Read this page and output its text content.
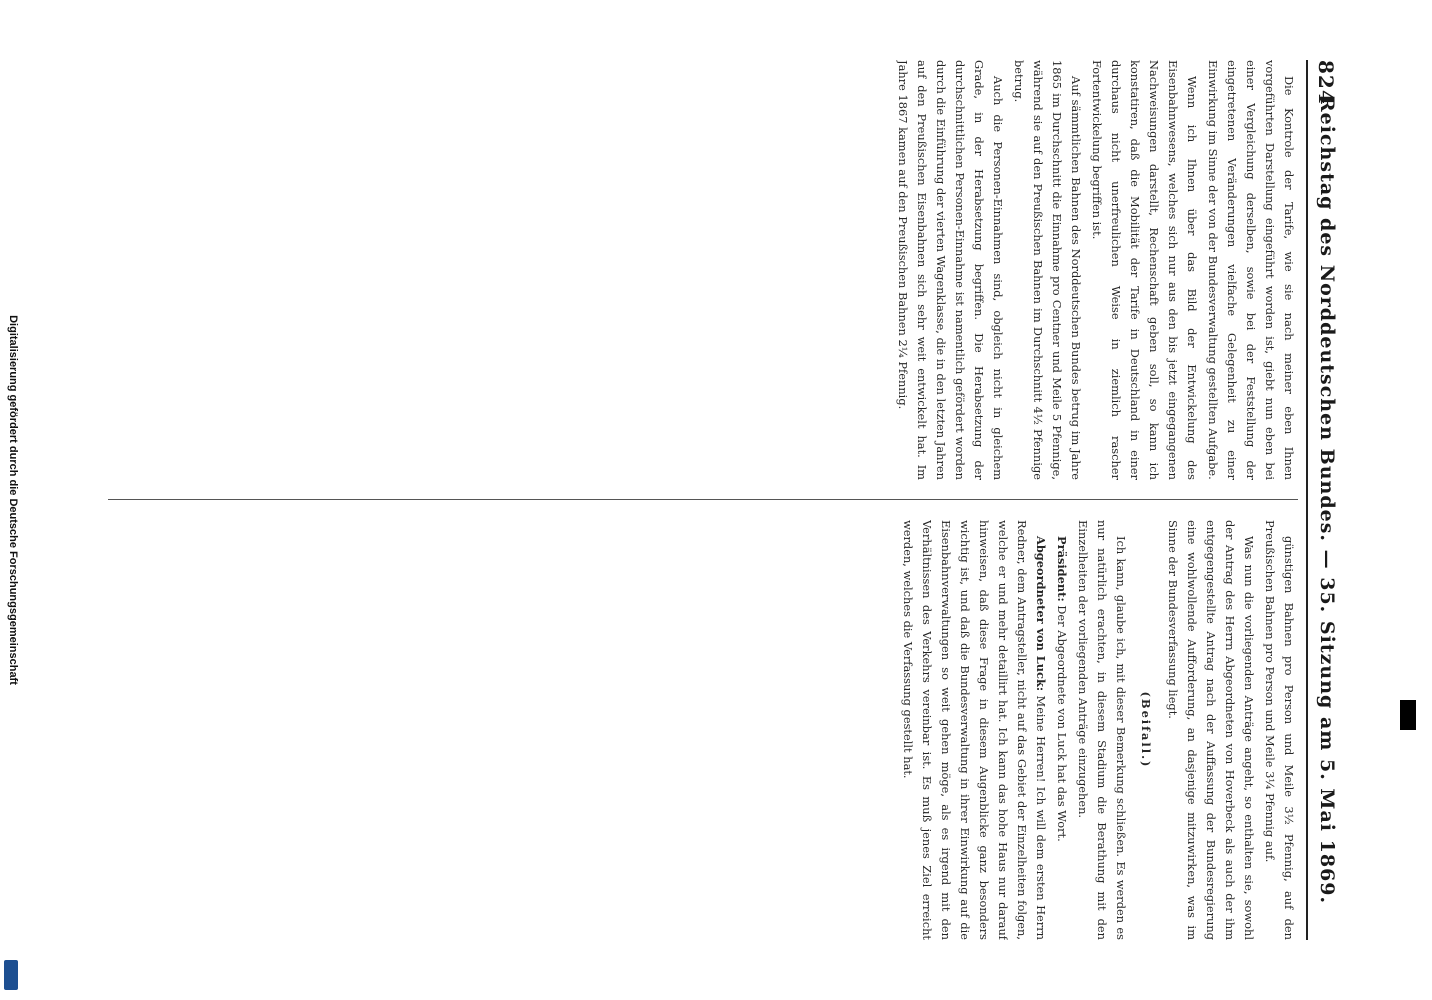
824
Reichstag des Norddeutschen Bundes. — 35. Sitzung am 5. Mai 1869.

Die Kontrole der Tarife, wie sie nach meiner eben Ihnen vorgeführten Darstellung eingeführt worden ist, giebt nun eben bei einer Vergleichung derselben, sowie bei der Feststellung der eingetretenen Veränderungen vielfache Gelegenheit zu einer Einwirkung im Sinne der von der Bundesverwaltung gestellten Aufgabe.

Wenn ich Ihnen über das Bild der Entwickelung des Eisenbahnwesens, welches sich nur aus den bis jetzt eingegangenen Nachweisungen darstellt, Rechenschaft geben soll, so kann ich konstatiren, daß die Mobilität der Tarife in Deutschland in einer durchaus nicht unerfreulichen Weise in ziemlich rascher Fortentwickelung begriffen ist.

Auf sämmtlichen Bahnen des Norddeutschen Bundes betrug im Jahre 1865 im Durchschnitt die Einnahme pro Centner und Meile 5 Pfennige, während sie auf den Preußischen Bahnen im Durchschnitt 4½ Pfennige betrug.

Auch die Personen-Einnahmen sind, obgleich nicht in gleichem Grade, in der Herabsetzung begriffen. Die Herabsetzung der durchschnittlichen Personen-Einnahme ist namentlich gefördert worden durch die Einführung der vierten Wagenklasse, die in den letzten Jahren auf den Preußischen Eisenbahnen sich sehr weit entwickelt hat. Im Jahre 1867 kamen auf den Preußischen Bahnen 2¼ Pfennig.

günstigen Bahnen pro Person und Meile 3½ Pfennig, auf den Preußischen Bahnen pro Person und Meile 3¼ Pfennig auf.

Was nun die vorliegenden Anträge angeht, so enthalten sie, sowohl der Antrag des Herrn Abgeordneten von Hoverbeck als auch der ihm entgegengestellte Antrag nach der Auffassung der Bundesregierung eine wohlwollende Aufforderung, an dasjenige mitzuwirken, was im Sinne der Bundesverfassung liegt.

(Beifall.)

Ich kann, glaube ich, mit dieser Bemerkung schließen. Es werden es nur natürlich erachten, in diesem Stadium die Berathung mit den Einzelheiten der vorliegenden Anträge einzugehen.

Präsident: Der Abgeordnete von Luck hat das Wort.

Abgeordneter von Luck: Meine Herren! Ich will dem ersten Herrn Redner, dem Antragsteller, nicht auf das Gebiet der Einzelheiten folgen, welche er und mehr detaillirt hat. Ich kann das hohe Haus nur darauf hinweisen, daß diese Frage in diesem Augenblicke ganz besonders wichtig ist, und daß die Bundesverwaltung in ihrer Einwirkung auf die Eisenbahnverwaltungen so weit gehen möge, als es irgend mit den Verhältnissen des Verkehrs vereinbar ist. Es muß jenes Ziel erreicht werden, welches die Verfassung gestellt hat.

Digitalisierung gefördert durch die Deutsche Forschungsgemeinschaft
